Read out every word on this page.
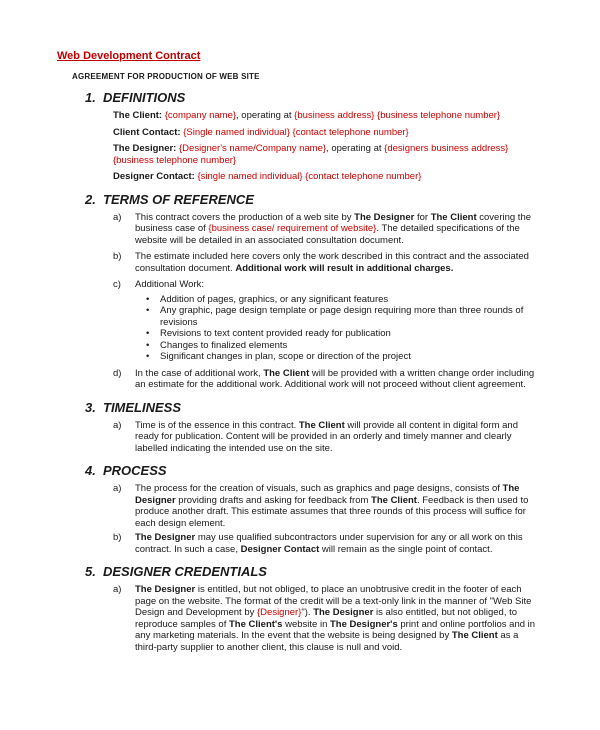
Web Development Contract
AGREEMENT FOR PRODUCTION OF WEB SITE
1. DEFINITIONS

The Client: {company name}, operating at {business address} {business telephone number}

Client Contact: {Single named individual} {contact telephone number}

The Designer: {Designer's name/Company name}, operating at {designers business address} {business telephone number}

Designer Contact: {single named individual} {contact telephone number}

2. TERMS OF REFERENCE
a)	This contract covers the production of a web site by The Designer for The Client covering the business case of {business case/ requirement of website}. The detailed specifications of the website will be detailed in an associated consultation document.
b)	The estimate included here covers only the work described in this contract and the associated consultation document. Additional work will result in additional charges.
c)	Additional Work:
•	Addition of pages, graphics, or any significant features
•	Any graphic, page design template or page design requiring more than three rounds of revisions
•	Revisions to text content provided ready for publication
•	Changes to finalized elements
•	Significant changes in plan, scope or direction of the project
d)	In the case of additional work, The Client will be provided with a written change order including an estimate for the additional work. Additional work will not proceed without client agreement.
3. TIMELINESS
a)	Time is of the essence in this contract. The Client will provide all content in digital form and ready for publication. Content will be provided in an orderly and timely manner and clearly labelled indicating the intended use on the site.
4. PROCESS
a)	The process for the creation of visuals, such as graphics and page designs, consists of The Designer providing drafts and asking for feedback from The Client. Feedback is then used to produce another draft. This estimate assumes that three rounds of this process will suffice for each design element.
b)	The Designer may use qualified subcontractors under supervision for any or all work on this contract. In such a case, Designer Contact will remain as the single point of contact.
5. DESIGNER CREDENTIALS
a)	The Designer is entitled, but not obliged, to place an unobtrusive credit in the footer of each page on the website. The format of the credit will be a text-only link in the manner of "Web Site Design and Development by {Designer}"). The Designer is also entitled, but not obliged, to reproduce samples of The Client's website in The Designer's print and online portfolios and in any marketing materials. In the event that the website is being designed by The Client as a third-party supplier to another client, this clause is null and void.
